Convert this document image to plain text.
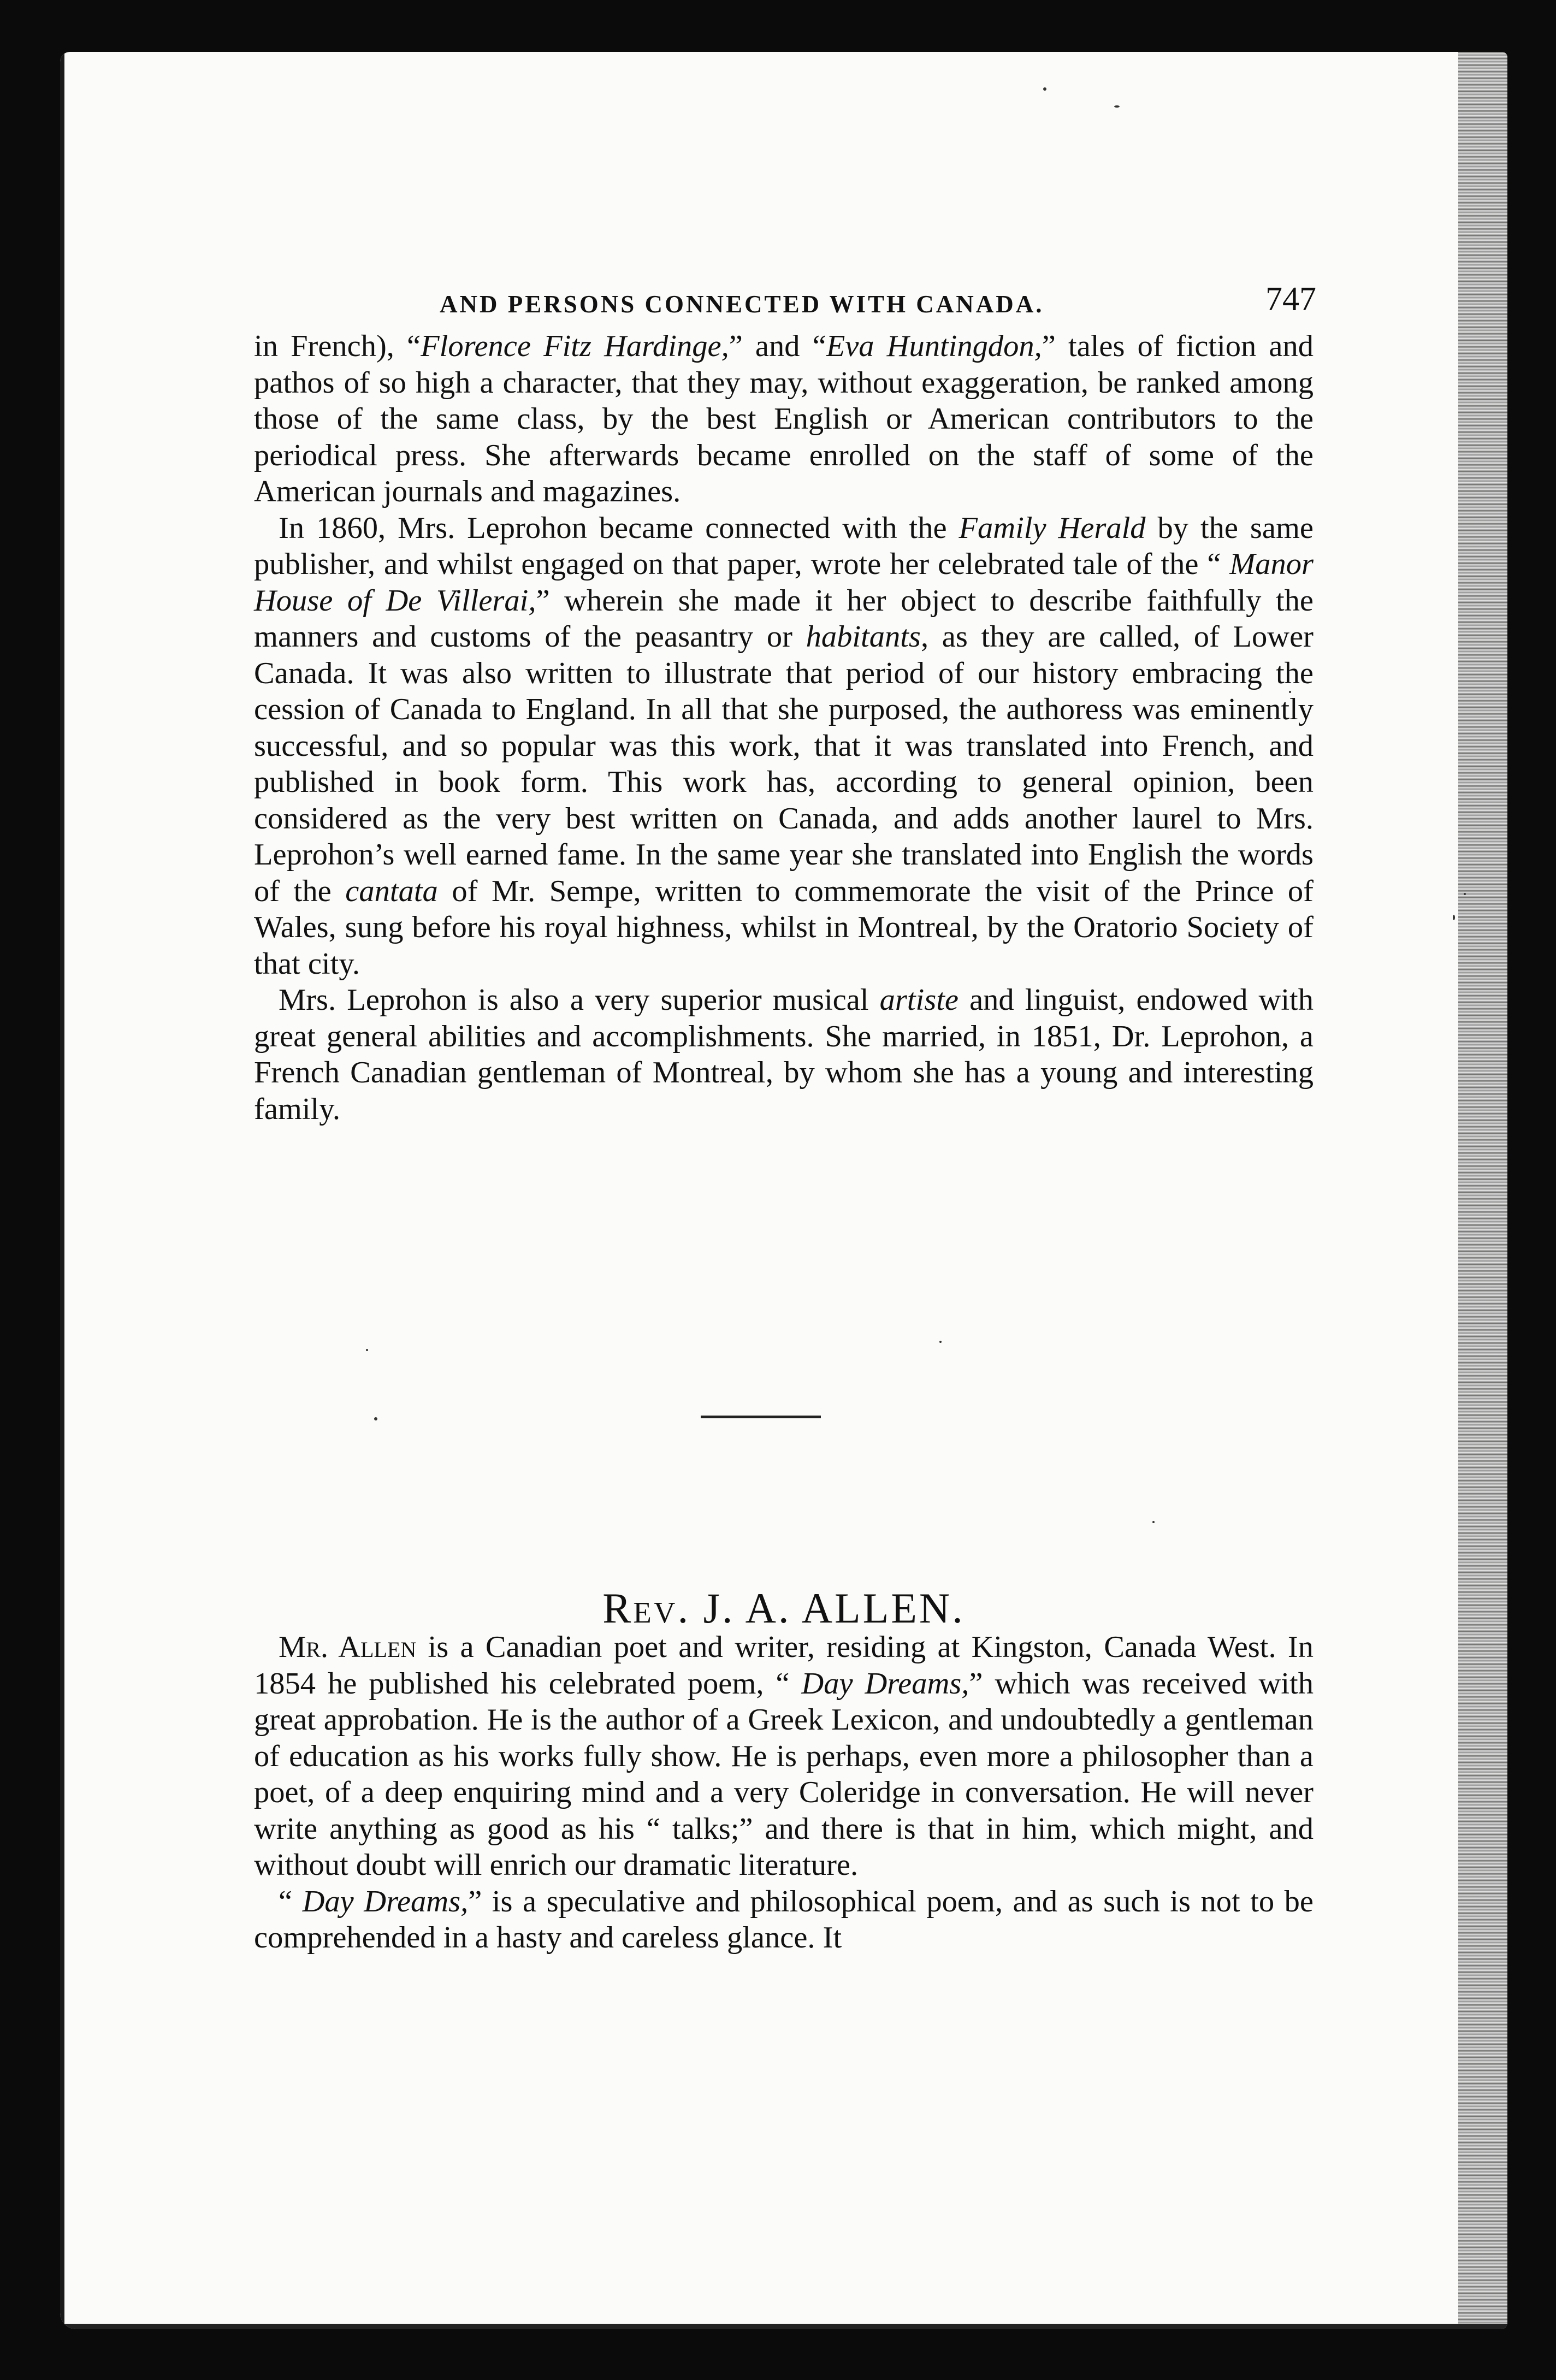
AND PERSONS CONNECTED WITH CANADA.	747

in French), “Florence Fitz Hardinge,” and “Eva Huntingdon,” tales of fiction and pathos of so high a character, that they may, without exaggeration, be ranked among those of the same class, by the best English or American contributors to the periodical press. She afterwards became enrolled on the staff of some of the American journals and magazines.

In 1860, Mrs. Leprohon became connected with the Family Herald by the same publisher, and whilst engaged on that paper, wrote her celebrated tale of the “ Manor House of De Villerai,” wherein she made it her object to describe faithfully the manners and customs of the peasantry or habitants, as they are called, of Lower Canada. It was also written to illustrate that period of our history embracing the cession of Canada to England. In all that she purposed, the authoress was eminently successful, and so popular was this work, that it was translated into French, and published in book form. This work has, according to general opinion, been considered as the very best written on Canada, and adds another laurel to Mrs. Leprohon’s well earned fame. In the same year she translated into English the words of the cantata of Mr. Sempe, written to commemorate the visit of the Prince of Wales, sung before his royal highness, whilst in Montreal, by the Oratorio Society of that city.

Mrs. Leprohon is also a very superior musical artiste and linguist, endowed with great general abilities and accomplishments. She married, in 1851, Dr. Leprohon, a French Canadian gentleman of Montreal, by whom she has a young and interesting family.

Rev. J. A. ALLEN.

Mr. Allen is a Canadian poet and writer, residing at Kingston, Canada West. In 1854 he published his celebrated poem, “ Day Dreams,” which was received with great approbation. He is the author of a Greek Lexicon, and undoubtedly a gentleman of education as his works fully show. He is perhaps, even more a philosopher than a poet, of a deep enquiring mind and a very Coleridge in conversation. He will never write anything as good as his “ talks;” and there is that in him, which might, and without doubt will enrich our dramatic literature.

“ Day Dreams,” is a speculative and philosophical poem, and as such is not to be comprehended in a hasty and careless glance. It
